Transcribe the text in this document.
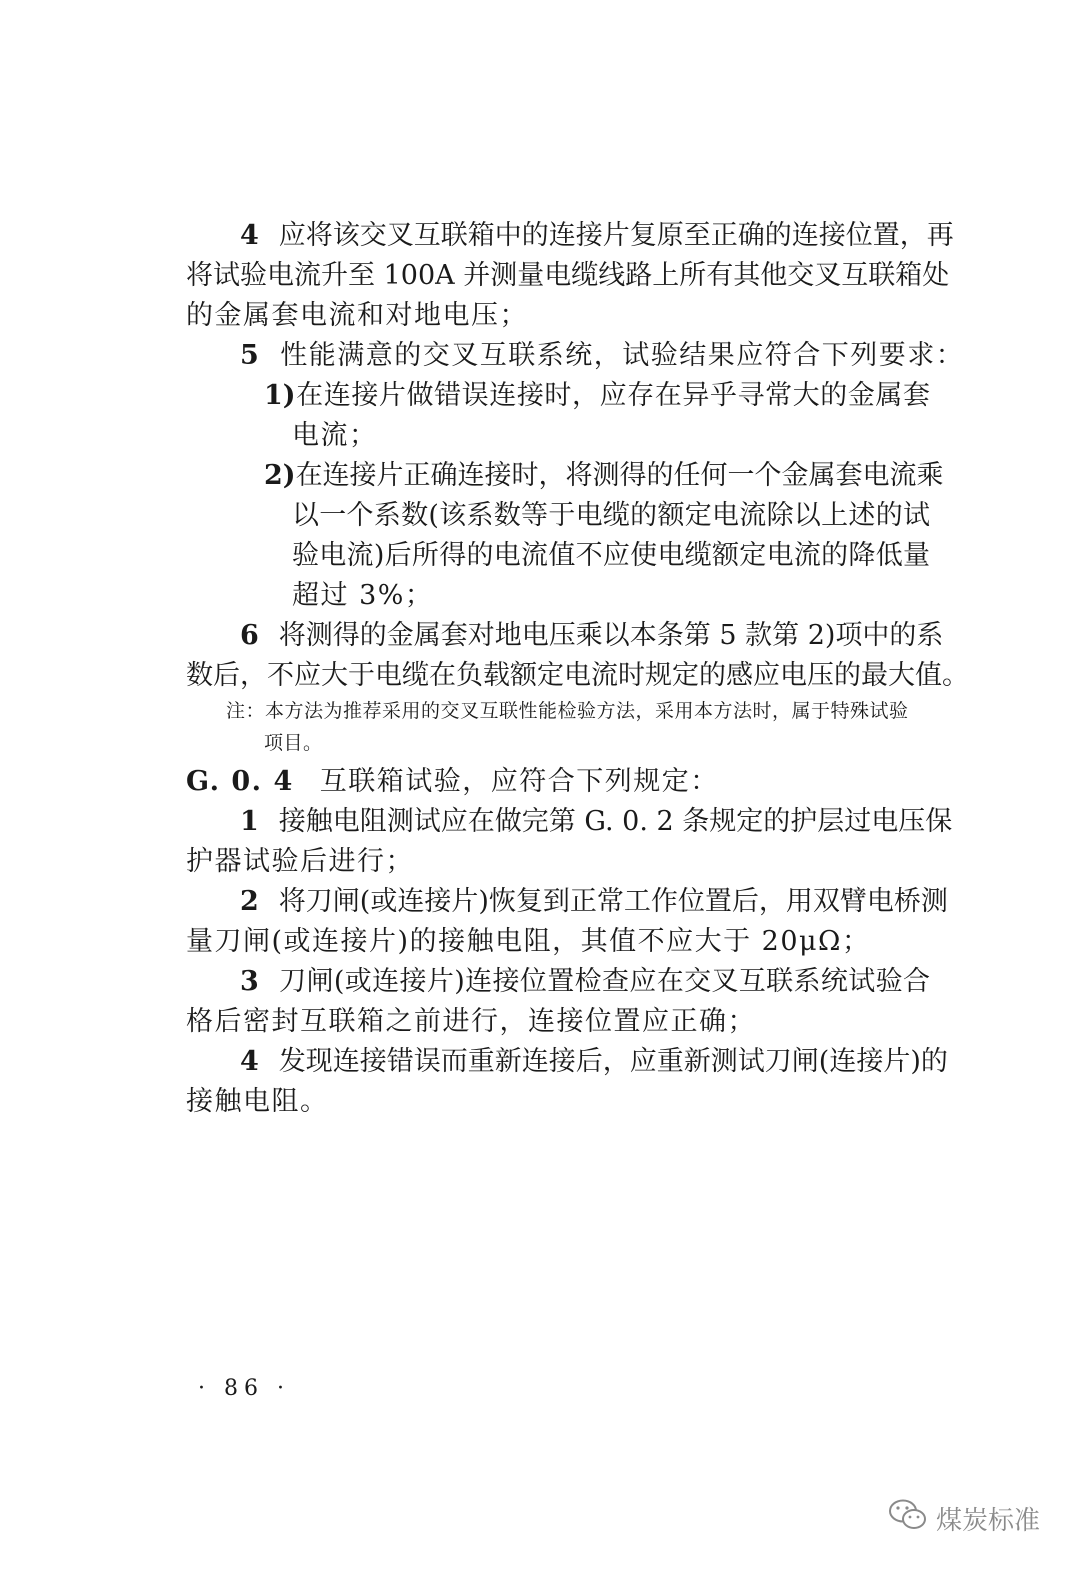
4 应将该交叉互联箱中的连接片复原至正确的连接位置，再
将试验电流升至 100A 并测量电缆线路上所有其他交叉互联箱处
的金属套电流和对地电压；
5 性能满意的交叉互联系统，试验结果应符合下列要求：
1)在连接片做错误连接时，应存在异乎寻常大的金属套
电流；
2)在连接片正确连接时，将测得的任何一个金属套电流乘
以一个系数(该系数等于电缆的额定电流除以上述的试
验电流)后所得的电流值不应使电缆额定电流的降低量
超过 3%；
6 将测得的金属套对地电压乘以本条第 5 款第 2)项中的系
数后，不应大于电缆在负载额定电流时规定的感应电压的最大值。
注：本方法为推荐采用的交叉互联性能检验方法，采用本方法时，属于特殊试验
项目。
G. 0. 4 互联箱试验，应符合下列规定：
1 接触电阻测试应在做完第 G. 0. 2 条规定的护层过电压保
护器试验后进行；
2 将刀闸(或连接片)恢复到正常工作位置后，用双臂电桥测
量刀闸(或连接片)的接触电阻，其值不应大于 20μΩ；
3 刀闸(或连接片)连接位置检查应在交叉互联系统试验合
格后密封互联箱之前进行，连接位置应正确；
4 发现连接错误而重新连接后，应重新测试刀闸(连接片)的
接触电阻。
· 86 ·
煤炭标准
